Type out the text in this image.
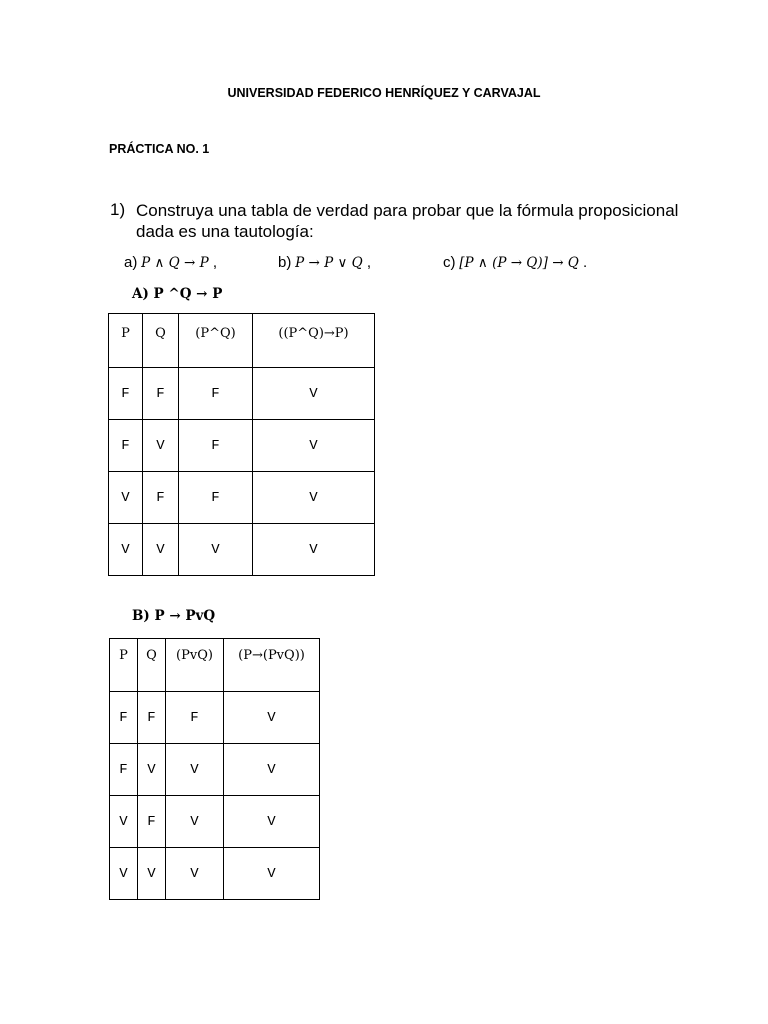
UNIVERSIDAD FEDERICO HENRÍQUEZ Y CARVAJAL
PRÁCTICA NO. 1
1) Construya una tabla de verdad para probar que la fórmula proposicional dada es una tautología:
a) P ∧ Q → P ,	b) P → P ∨ Q ,	c) [P ∧ (P → Q)] → Q .
A) P ^Q → P
P	Q	(P^Q)	((P^Q)→P)
F	F	F	V
F	V	F	V
V	F	F	V
V	V	V	V
B) P → PvQ
P	Q	(PvQ)	(P→(PvQ))
F	F	F	V
F	V	V	V
V	F	V	V
V	V	V	V
